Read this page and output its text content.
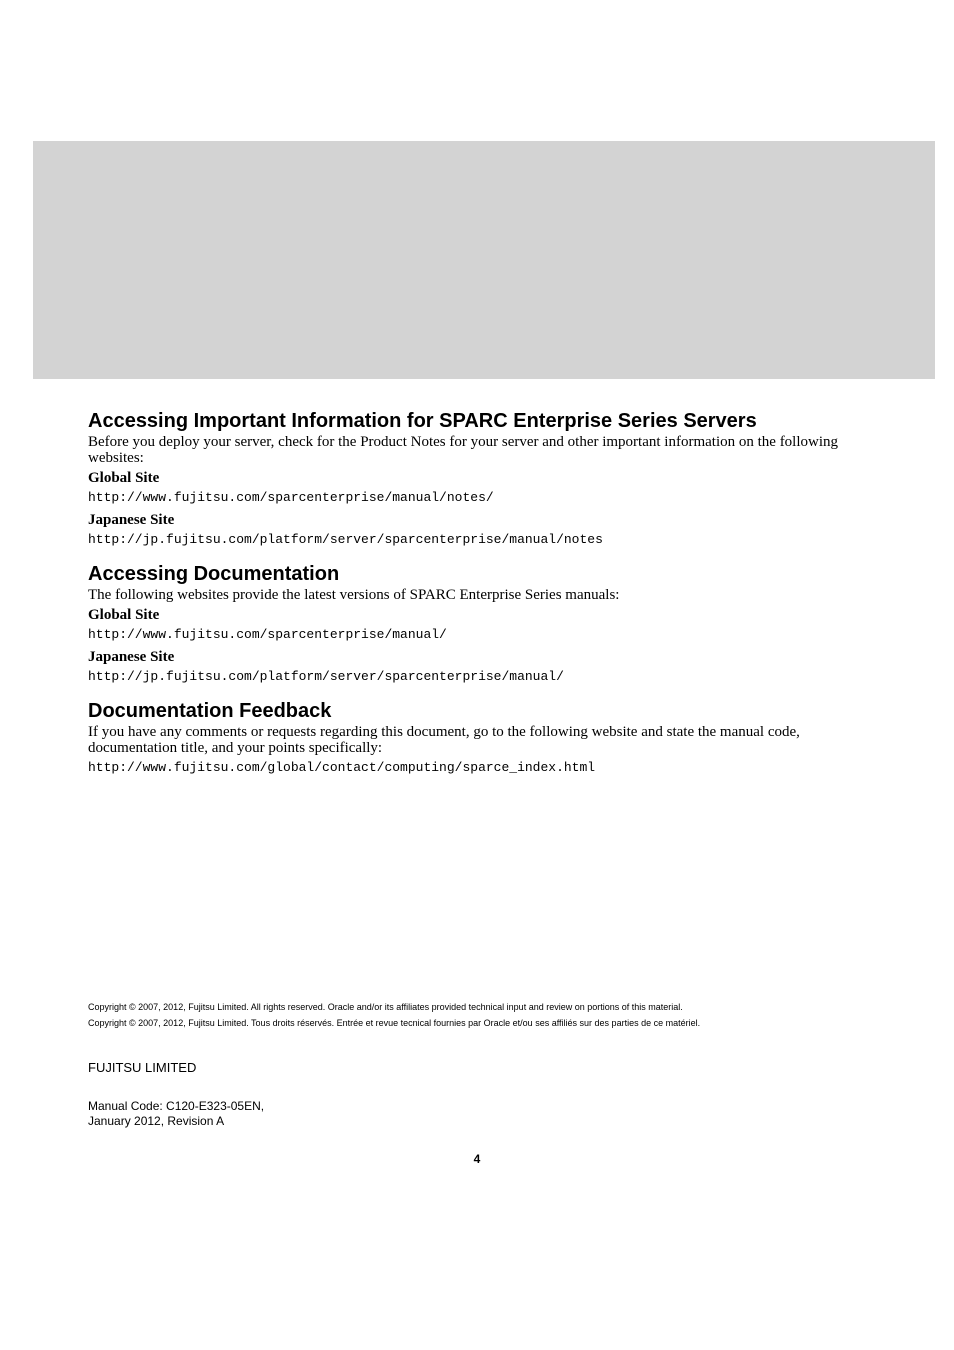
Accessing Important Information for SPARC Enterprise Series Servers

Before you deploy your server, check for the Product Notes for your server and other important information on the following websites:

Global Site
http://www.fujitsu.com/sparcenterprise/manual/notes/
Japanese Site
http://jp.fujitsu.com/platform/server/sparcenterprise/manual/notes
Accessing Documentation

The following websites provide the latest versions of SPARC Enterprise Series manuals:

Global Site
http://www.fujitsu.com/sparcenterprise/manual/
Japanese Site
http://jp.fujitsu.com/platform/server/sparcenterprise/manual/
Documentation Feedback

If you have any comments or requests regarding this document, go to the following website and state the manual code, documentation title, and your points specifically:

http://www.fujitsu.com/global/contact/computing/sparce_index.html
Copyright © 2007, 2012, Fujitsu Limited. All rights reserved. Oracle and/or its affiliates provided technical input and review on portions of this material.
Copyright © 2007, 2012, Fujitsu Limited. Tous droits réservés. Entrée et revue tecnical fournies par Oracle et/ou ses affiliés sur des parties de ce matériel.
FUJITSU LIMITED
Manual Code: C120-E323-05EN,
January 2012, Revision A
4
